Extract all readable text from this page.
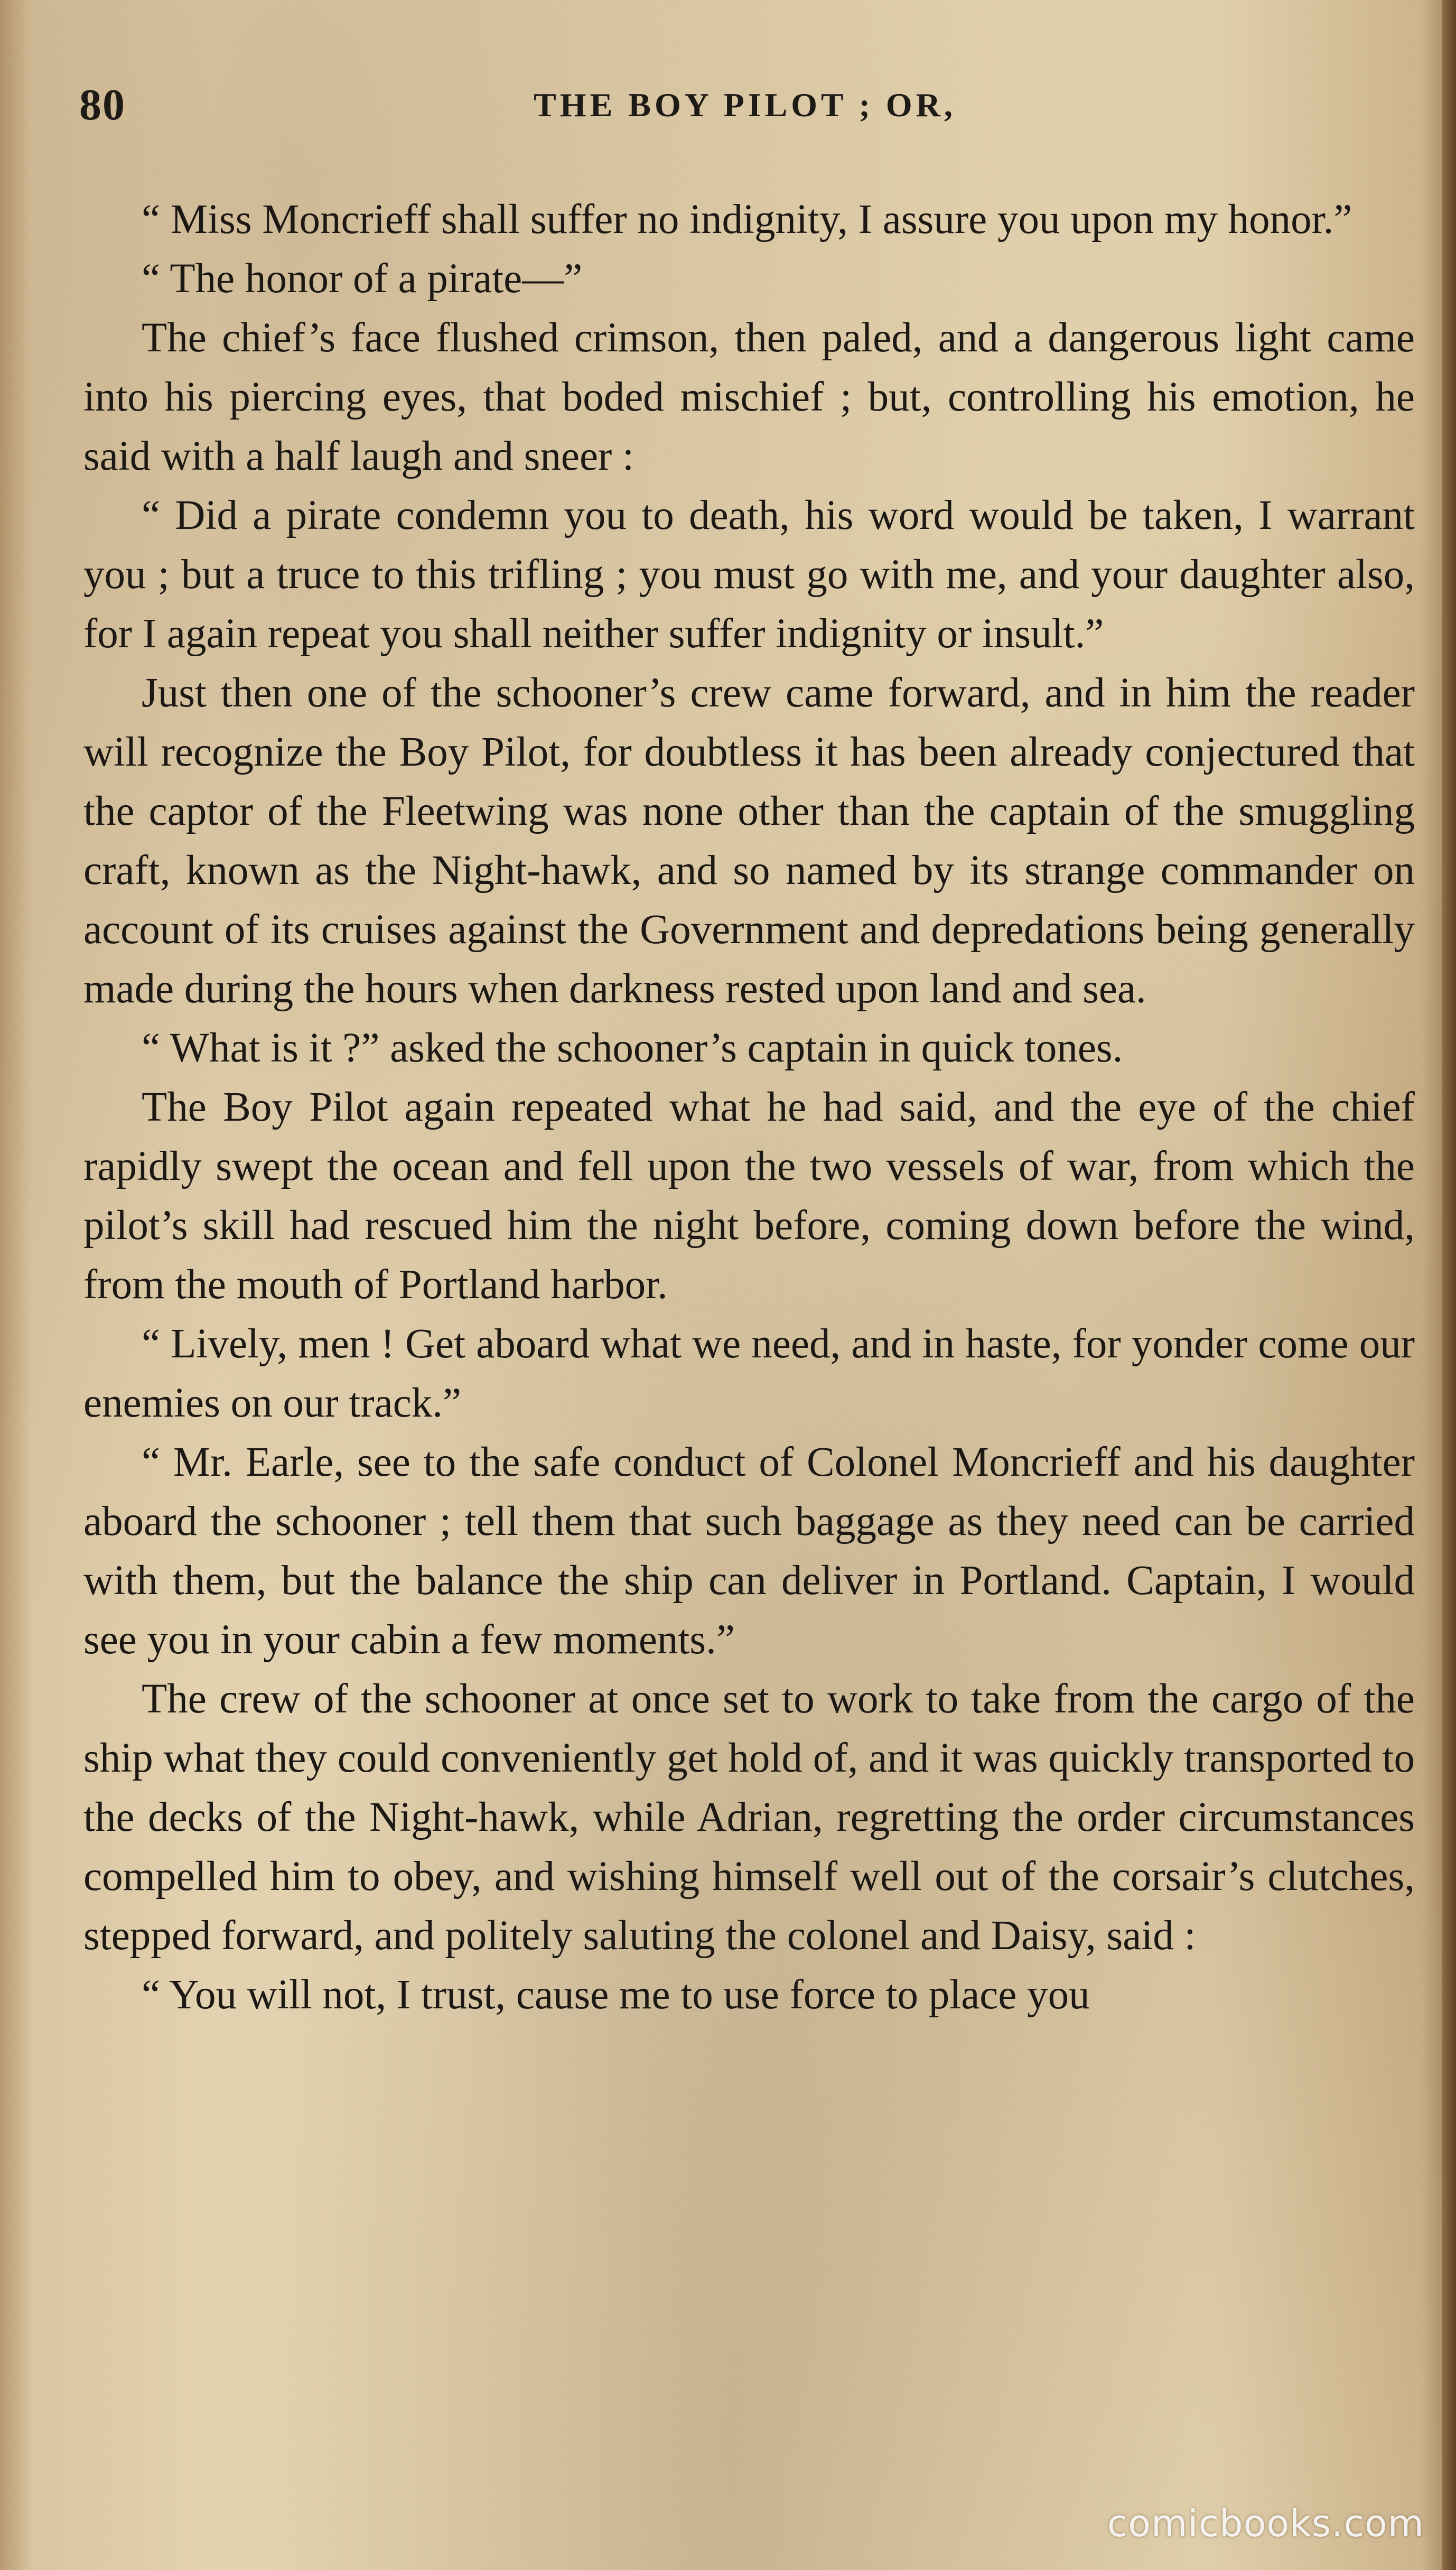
80	THE BOY PILOT ; OR,

“ Miss Moncrieff shall suffer no indignity, I assure you upon my honor.”

“ The honor of a pirate—”

The chief’s face flushed crimson, then paled, and a dangerous light came into his piercing eyes, that boded mischief ; but, controlling his emotion, he said with a half laugh and sneer :

“ Did a pirate condemn you to death, his word would be taken, I warrant you ; but a truce to this trifling ; you must go with me, and your daughter also, for I again repeat you shall neither suffer indignity or insult.”

Just then one of the schooner’s crew came forward, and in him the reader will recognize the Boy Pilot, for doubtless it has been already conjectured that the captor of the Fleetwing was none other than the captain of the smuggling craft, known as the Night-hawk, and so named by its strange commander on account of its cruises against the Government and depredations being generally made during the hours when darkness rested upon land and sea.

“ What is it ?” asked the schooner’s captain in quick tones.

The Boy Pilot again repeated what he had said, and the eye of the chief rapidly swept the ocean and fell upon the two vessels of war, from which the pilot’s skill had rescued him the night before, coming down before the wind, from the mouth of Portland harbor.

“ Lively, men ! Get aboard what we need, and in haste, for yonder come our enemies on our track.”

“ Mr. Earle, see to the safe conduct of Colonel Moncrieff and his daughter aboard the schooner ; tell them that such baggage as they need can be carried with them, but the balance the ship can deliver in Portland. Captain, I would see you in your cabin a few moments.”

The crew of the schooner at once set to work to take from the cargo of the ship what they could conveniently get hold of, and it was quickly transported to the decks of the Night-hawk, while Adrian, regretting the order circumstances compelled him to obey, and wishing himself well out of the corsair’s clutches, stepped forward, and politely saluting the colonel and Daisy, said :

“ You will not, I trust, cause me to use force to place you

comicbooks.com
